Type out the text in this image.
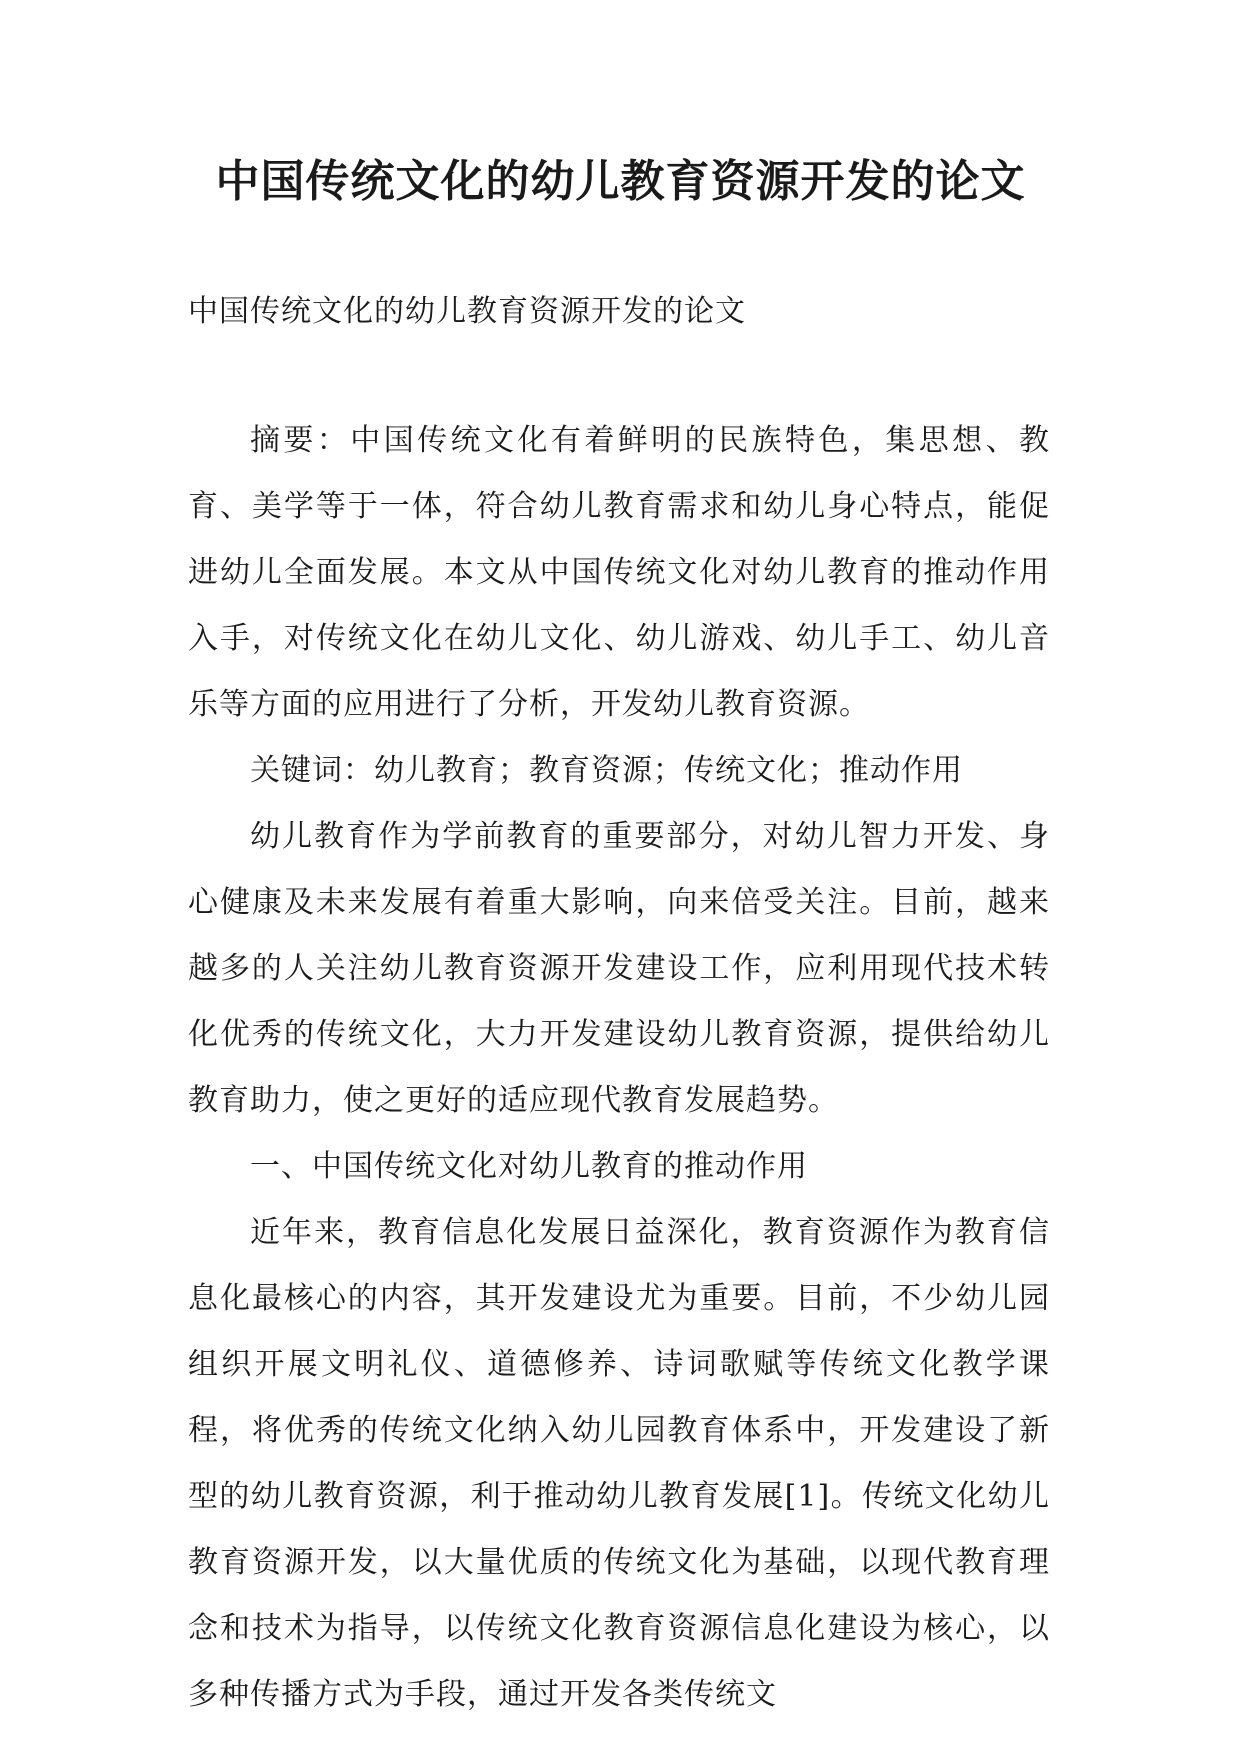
中国传统文化的幼儿教育资源开发的论文

中国传统文化的幼儿教育资源开发的论文

摘要：中国传统文化有着鲜明的民族特色，集思想、教育、美学等于一体，符合幼儿教育需求和幼儿身心特点，能促进幼儿全面发展。本文从中国传统文化对幼儿教育的推动作用入手，对传统文化在幼儿文化、幼儿游戏、幼儿手工、幼儿音乐等方面的应用进行了分析，开发幼儿教育资源。

关键词：幼儿教育；教育资源；传统文化；推动作用

幼儿教育作为学前教育的重要部分，对幼儿智力开发、身心健康及未来发展有着重大影响，向来倍受关注。目前，越来越多的人关注幼儿教育资源开发建设工作，应利用现代技术转化优秀的传统文化，大力开发建设幼儿教育资源，提供给幼儿教育助力，使之更好的适应现代教育发展趋势。

一、中国传统文化对幼儿教育的推动作用

近年来，教育信息化发展日益深化，教育资源作为教育信息化最核心的内容，其开发建设尤为重要。目前，不少幼儿园组织开展文明礼仪、道德修养、诗词歌赋等传统文化教学课程，将优秀的传统文化纳入幼儿园教育体系中，开发建设了新型的幼儿教育资源，利于推动幼儿教育发展[1]。传统文化幼儿教育资源开发，以大量优质的传统文化为基础，以现代教育理念和技术为指导，以传统文化教育资源信息化建设为核心，以多种传播方式为手段，通过开发各类传统文
